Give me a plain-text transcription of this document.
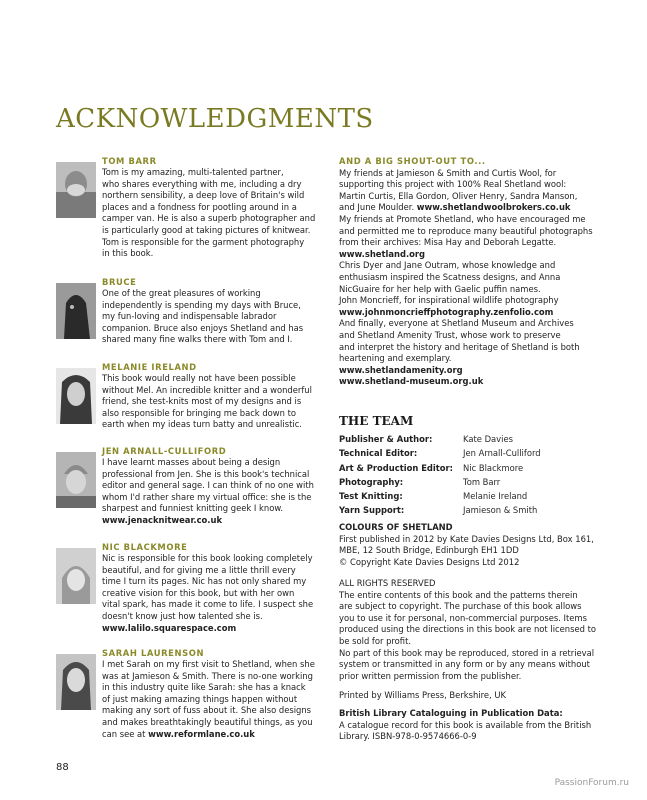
ACKNOWLEDGMENTS
TOM BARR
Tom is my amazing, multi-talented partner,
who shares everything with me, including a dry
northern sensibility, a deep love of Britain's wild
places and a fondness for pootling around in a
camper van. He is also a superb photographer and
is particularly good at taking pictures of knitwear.
Tom is responsible for the garment photography
in this book.
BRUCE
One of the great pleasures of working
independently is spending my days with Bruce,
my fun-loving and indispensable labrador
companion. Bruce also enjoys Shetland and has
shared many fine walks there with Tom and I.
MELANIE IRELAND
This book would really not have been possible
without Mel. An incredible knitter and a wonderful
friend, she test-knits most of my designs and is
also responsible for bringing me back down to
earth when my ideas turn batty and unrealistic.
JEN ARNALL-CULLIFORD
I have learnt masses about being a design
professional from Jen. She is this book's technical
editor and general sage. I can think of no one with
whom I'd rather share my virtual office: she is the
sharpest and funniest knitting geek I know.
www.jenacknitwear.co.uk
NIC BLACKMORE
Nic is responsible for this book looking completely
beautiful, and for giving me a little thrill every
time I turn its pages. Nic has not only shared my
creative vision for this book, but with her own
vital spark, has made it come to life. I suspect she
doesn't know just how talented she is.
www.lalilo.squarespace.com
SARAH LAURENSON
I met Sarah on my first visit to Shetland, when she
was at Jamieson & Smith. There is no-one working
in this industry quite like Sarah: she has a knack
of just making amazing things happen without
making any sort of fuss about it. She also designs
and makes breathtakingly beautiful things, as you
can see at www.reformlane.co.uk
AND A BIG SHOUT-OUT TO...
My friends at Jamieson & Smith and Curtis Wool, for
supporting this project with 100% Real Shetland wool:
Martin Curtis, Ella Gordon, Oliver Henry, Sandra Manson,
and June Moulder. www.shetlandwoolbrokers.co.uk
My friends at Promote Shetland, who have encouraged me
and permitted me to reproduce many beautiful photographs
from their archives: Misa Hay and Deborah Legatte.
www.shetland.org
Chris Dyer and Jane Outram, whose knowledge and
enthusiasm inspired the Scatness designs, and Anna
NicGuaire for her help with Gaelic puffin names.
John Moncrieff, for inspirational wildlife photography
www.johnmoncrieffphotography.zenfolio.com
And finally, everyone at Shetland Museum and Archives
and Shetland Amenity Trust, whose work to preserve
and interpret the history and heritage of Shetland is both
heartening and exemplary.
www.shetlandamenity.org
www.shetland-museum.org.uk
THE TEAM
Publisher & Author:	Kate Davies
Technical Editor:	Jen Arnall-Culliford
Art & Production Editor:	Nic Blackmore
Photography:	Tom Barr
Test Knitting:	Melanie Ireland
Yarn Support:	Jamieson & Smith
COLOURS OF SHETLAND
First published in 2012 by Kate Davies Designs Ltd, Box 161,
MBE, 12 South Bridge, Edinburgh EH1 1DD
© Copyright Kate Davies Designs Ltd 2012
ALL RIGHTS RESERVED
The entire contents of this book and the patterns therein
are subject to copyright. The purchase of this book allows
you to use it for personal, non-commercial purposes. Items
produced using the directions in this book are not licensed to
be sold for profit.
No part of this book may be reproduced, stored in a retrieval
system or transmitted in any form or by any means without
prior written permission from the publisher.
Printed by Williams Press, Berkshire, UK
British Library Cataloguing in Publication Data:
A catalogue record for this book is available from the British
Library. ISBN-978-0-9574666-0-9
88
PassionForum.ru
